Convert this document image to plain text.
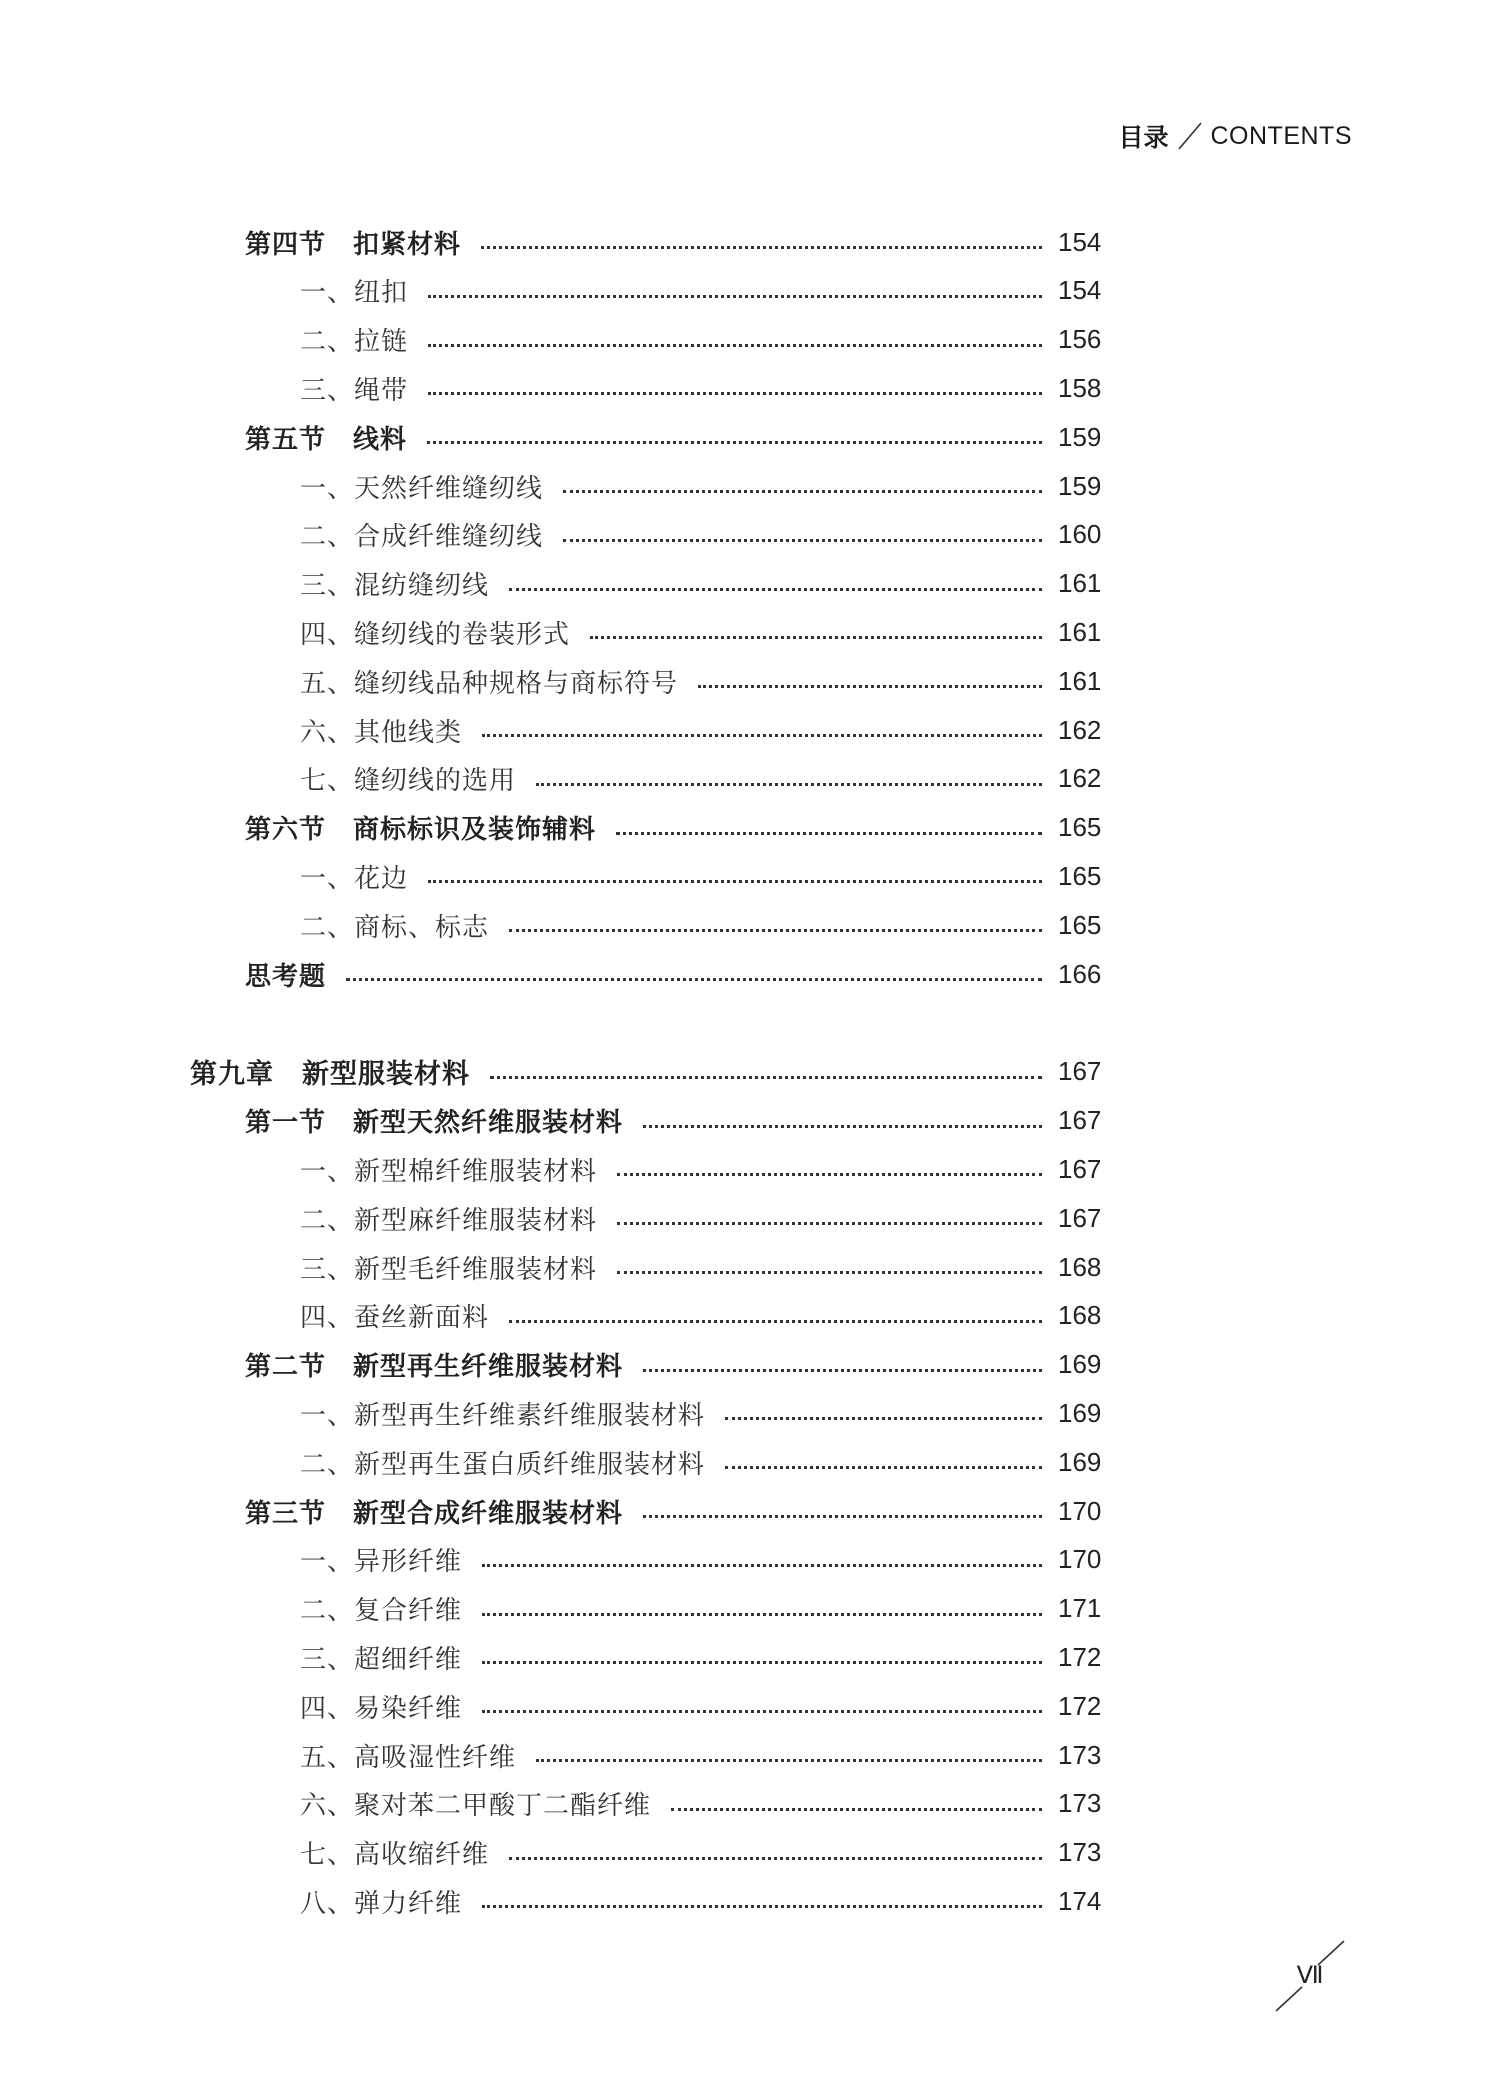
目录 CONTENTS
第四节　扣紧材料	154
一、纽扣	154
二、拉链	156
三、绳带	158
第五节　线料	159
一、天然纤维缝纫线	159
二、合成纤维缝纫线	160
三、混纺缝纫线	161
四、缝纫线的卷装形式	161
五、缝纫线品种规格与商标符号	161
六、其他线类	162
七、缝纫线的选用	162
第六节　商标标识及装饰辅料	165
一、花边	165
二、商标、标志	165
思考题	166
第九章　新型服装材料	167
第一节　新型天然纤维服装材料	167
一、新型棉纤维服装材料	167
二、新型麻纤维服装材料	167
三、新型毛纤维服装材料	168
四、蚕丝新面料	168
第二节　新型再生纤维服装材料	169
一、新型再生纤维素纤维服装材料	169
二、新型再生蛋白质纤维服装材料	169
第三节　新型合成纤维服装材料	170
一、异形纤维	170
二、复合纤维	171
三、超细纤维	172
四、易染纤维	172
五、高吸湿性纤维	173
六、聚对苯二甲酸丁二酯纤维	173
七、高收缩纤维	173
八、弹力纤维	174
Ⅶ
